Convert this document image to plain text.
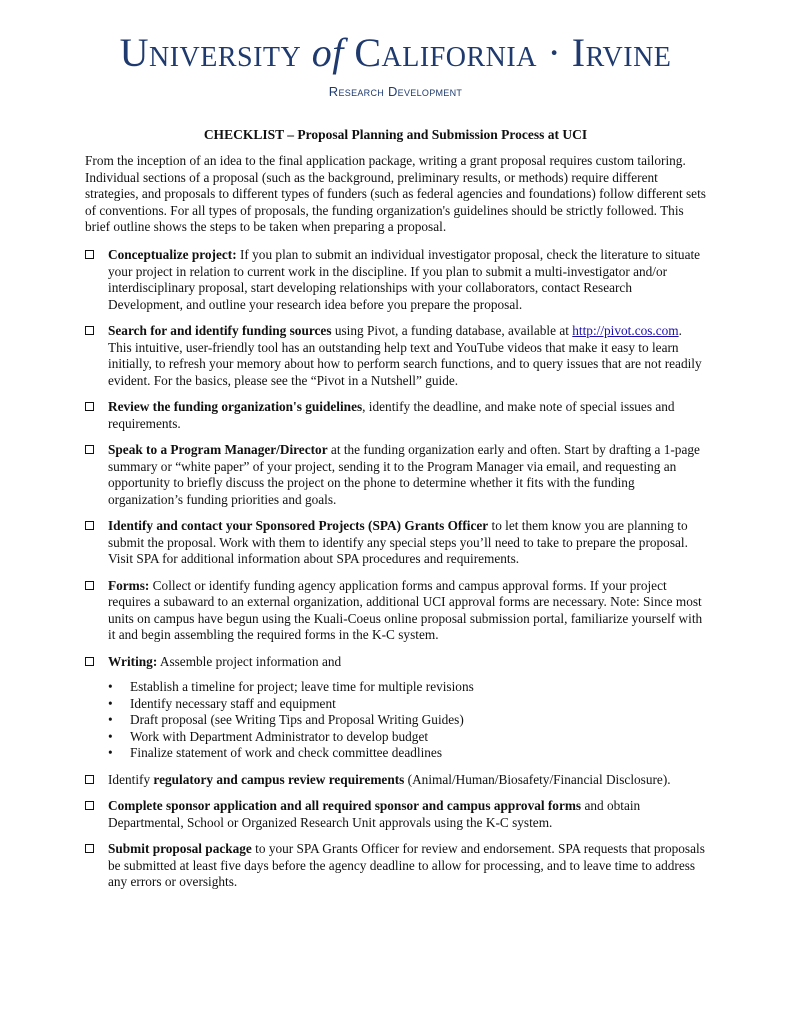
University of California · Irvine
Research Development
CHECKLIST – Proposal Planning and Submission Process at UCI

From the inception of an idea to the final application package, writing a grant proposal requires custom tailoring. Individual sections of a proposal (such as the background, preliminary results, or methods) require different strategies, and proposals to different types of funders (such as federal agencies and foundations) follow different sets of conventions. For all types of proposals, the funding organization's guidelines should be strictly followed. This brief outline shows the steps to be taken when preparing a proposal.

Conceptualize project: If you plan to submit an individual investigator proposal, check the literature to situate your project in relation to current work in the discipline. If you plan to submit a multi-investigator and/or interdisciplinary proposal, start developing relationships with your collaborators, contact Research Development, and outline your research idea before you prepare the proposal.
Search for and identify funding sources using Pivot, a funding database, available at http://pivot.cos.com. This intuitive, user-friendly tool has an outstanding help text and YouTube videos that make it easy to learn initially, to refresh your memory about how to perform search functions, and to query issues that are not readily evident. For the basics, please see the “Pivot in a Nutshell” guide.
Review the funding organization's guidelines, identify the deadline, and make note of special issues and requirements.
Speak to a Program Manager/Director at the funding organization early and often. Start by drafting a 1-page summary or “white paper” of your project, sending it to the Program Manager via email, and requesting an opportunity to briefly discuss the project on the phone to determine whether it fits with the funding organization’s funding priorities and goals.
Identify and contact your Sponsored Projects (SPA) Grants Officer to let them know you are planning to submit the proposal. Work with them to identify any special steps you’ll need to take to prepare the proposal. Visit SPA for additional information about SPA procedures and requirements.
Forms: Collect or identify funding agency application forms and campus approval forms. If your project requires a subaward to an external organization, additional UCI approval forms are necessary. Note: Since most units on campus have begun using the Kuali-Coeus online proposal submission portal, familiarize yourself with it and begin assembling the required forms in the K-C system.
Writing: Assemble project information and
• Establish a timeline for project; leave time for multiple revisions
• Identify necessary staff and equipment
• Draft proposal (see Writing Tips and Proposal Writing Guides)
• Work with Department Administrator to develop budget
• Finalize statement of work and check committee deadlines
Identify regulatory and campus review requirements (Animal/Human/Biosafety/Financial Disclosure).
Complete sponsor application and all required sponsor and campus approval forms and obtain Departmental, School or Organized Research Unit approvals using the K-C system.
Submit proposal package to your SPA Grants Officer for review and endorsement. SPA requests that proposals be submitted at least five days before the agency deadline to allow for processing, and to leave time to address any errors or oversights.
